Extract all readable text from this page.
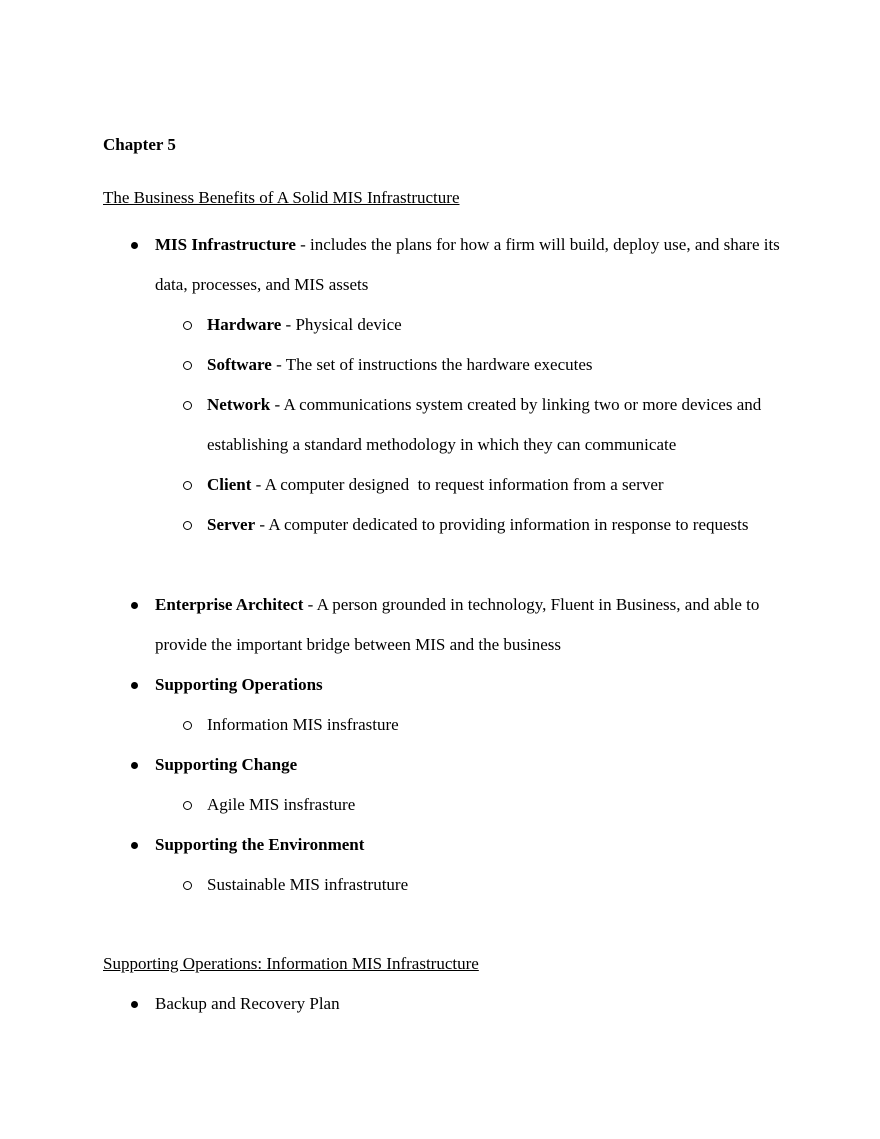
Chapter 5

The Business Benefits of A Solid MIS Infrastructure

MIS Infrastructure - includes the plans for how a firm will build, deploy use, and share its data, processes, and MIS assets
Hardware - Physical device
Software - The set of instructions the hardware executes
Network - A communications system created by linking two or more devices and establishing a standard methodology in which they can communicate
Client - A computer designed  to request information from a server
Server - A computer dedicated to providing information in response to requests
Enterprise Architect - A person grounded in technology, Fluent in Business, and able to provide the important bridge between MIS and the business
Supporting Operations
Information MIS insfrasture
Supporting Change
Agile MIS insfrasture
Supporting the Environment
Sustainable MIS infrastruture

Supporting Operations: Information MIS Infrastructure

Backup and Recovery Plan
